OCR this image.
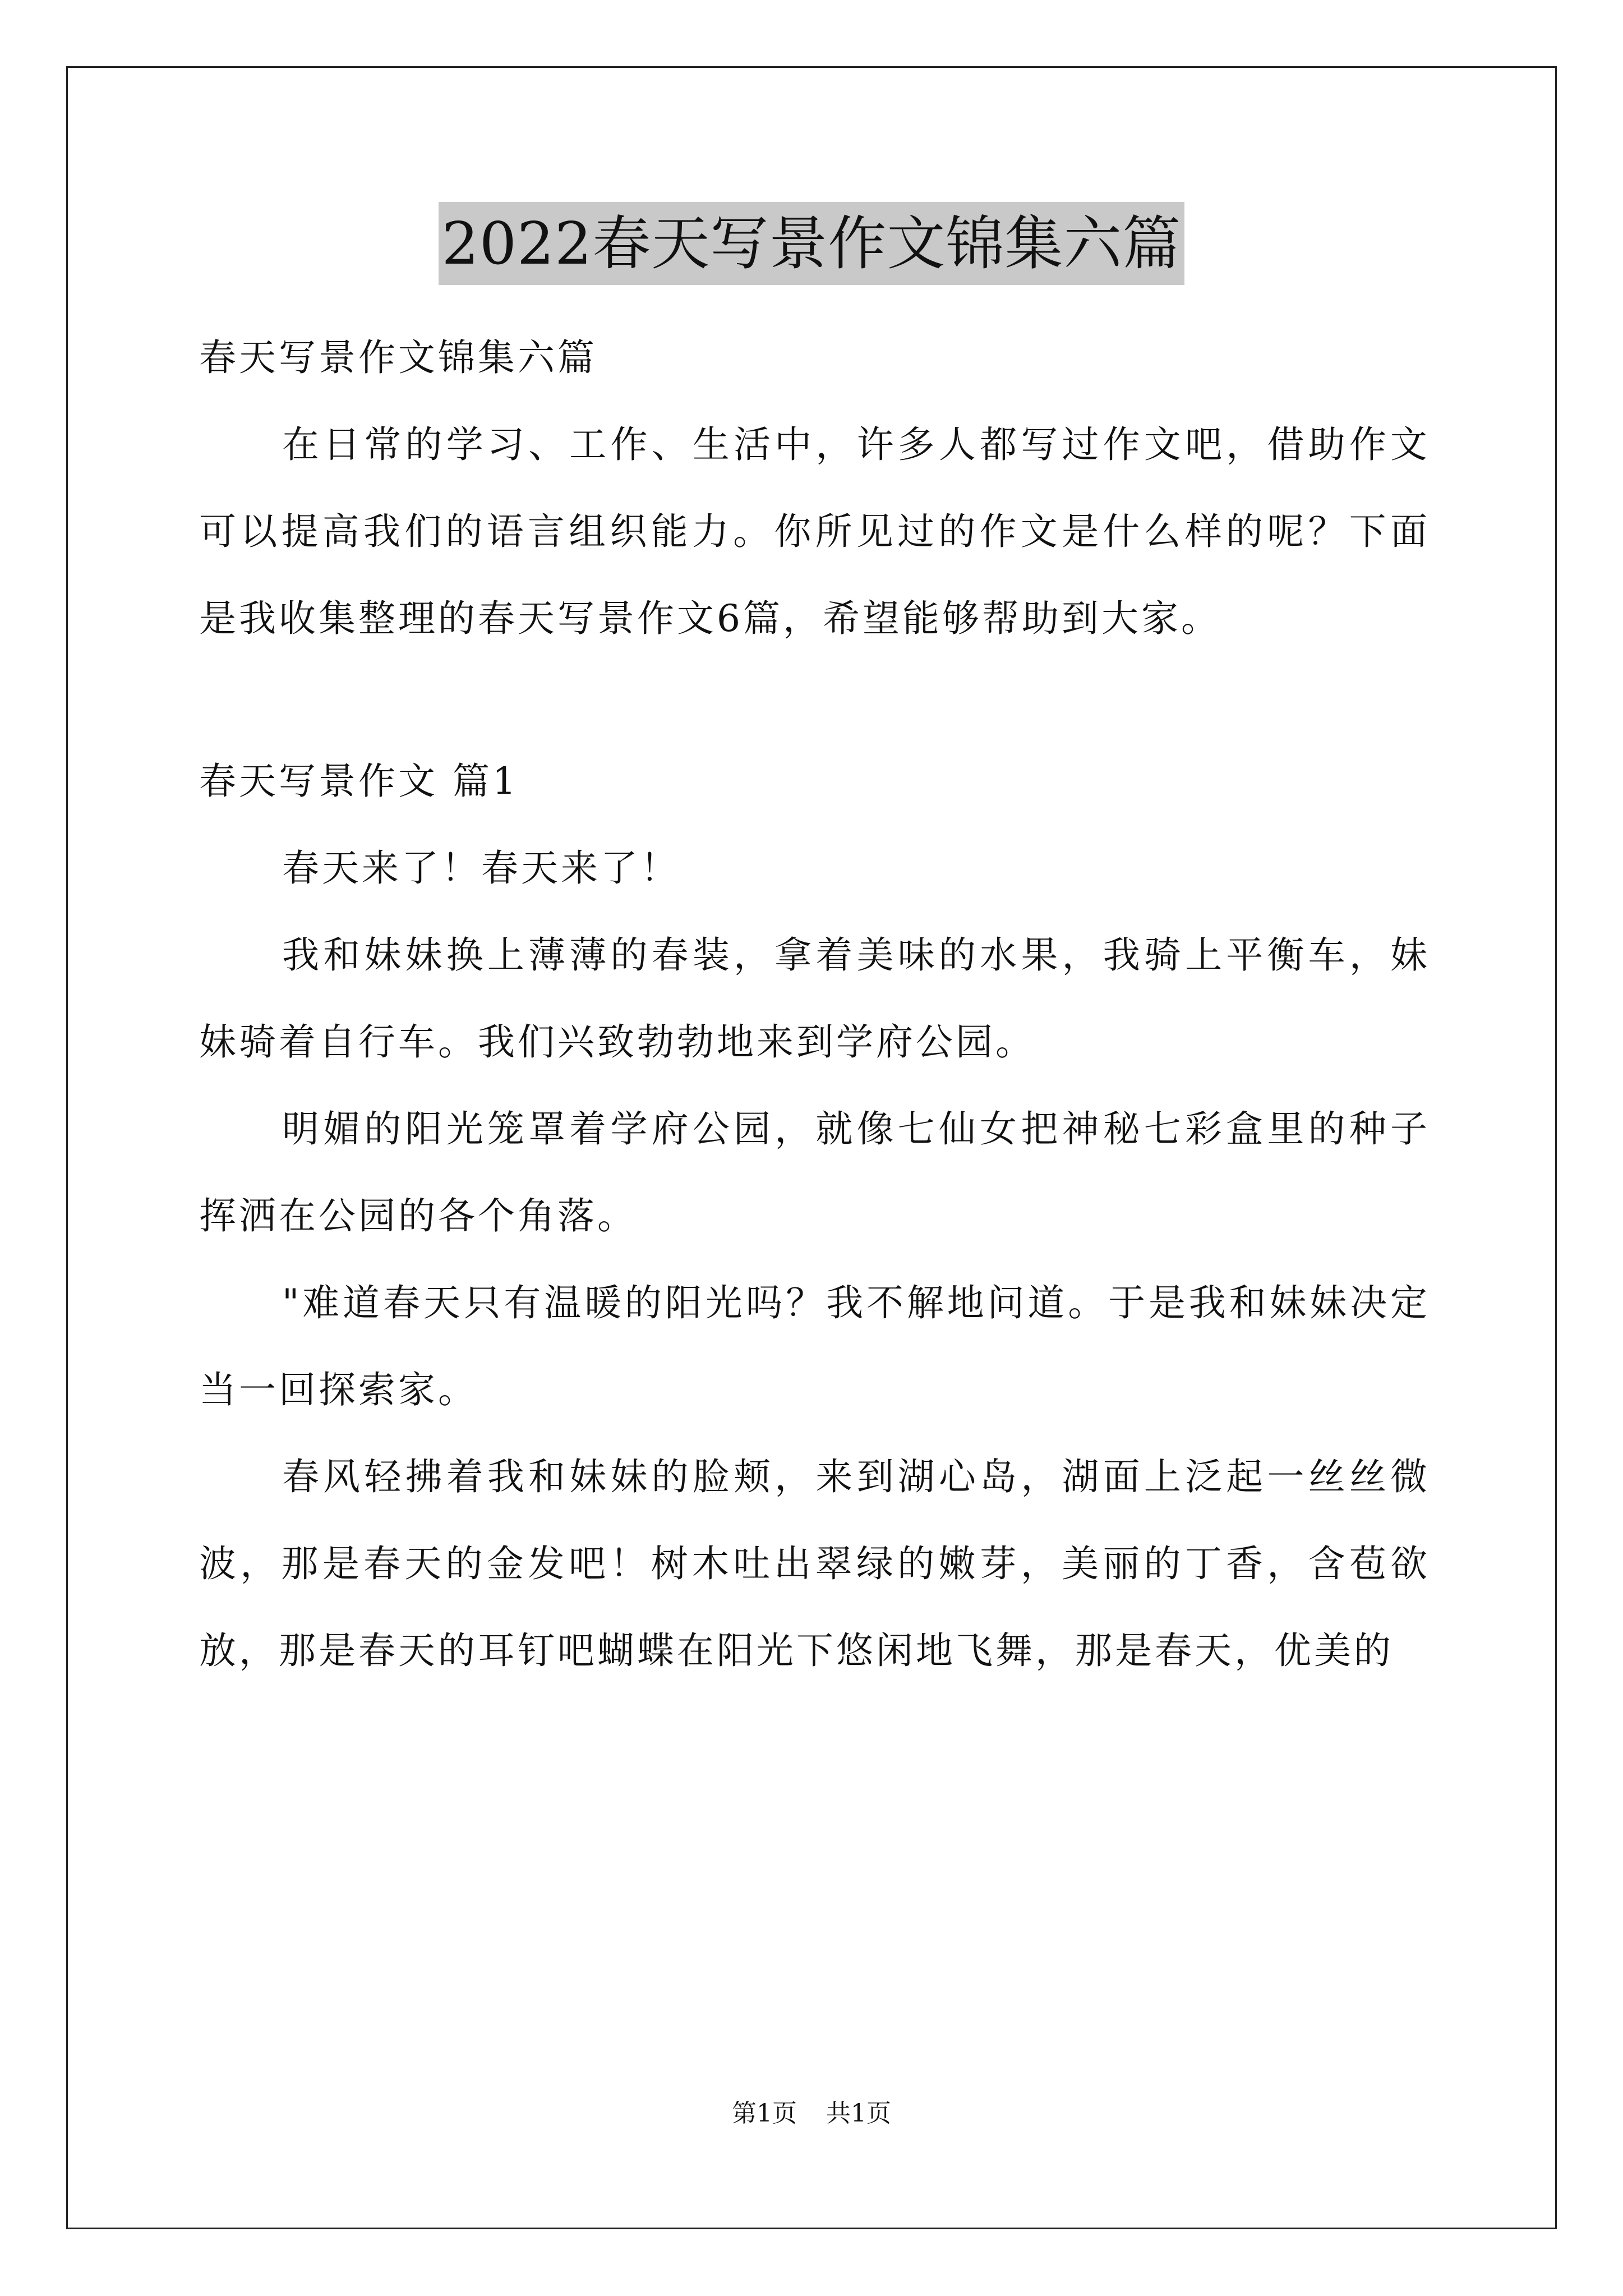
2022春天写景作文锦集六篇

春天写景作文锦集六篇

在日常的学习、工作、生活中，许多人都写过作文吧，借助作文可以提高我们的语言组织能力。你所见过的作文是什么样的呢？下面是我收集整理的春天写景作文6篇，希望能够帮助到大家。

春天写景作文 篇1

春天来了！春天来了！

我和妹妹换上薄薄的春装，拿着美味的水果，我骑上平衡车，妹妹骑着自行车。我们兴致勃勃地来到学府公园。

明媚的阳光笼罩着学府公园，就像七仙女把神秘七彩盒里的种子挥洒在公园的各个角落。

"难道春天只有温暖的阳光吗？我不解地问道。于是我和妹妹决定当一回探索家。

春风轻拂着我和妹妹的脸颊，来到湖心岛，湖面上泛起一丝丝微波，那是春天的金发吧！树木吐出翠绿的嫩芽，美丽的丁香，含苞欲放，那是春天的耳钉吧蝴蝶在阳光下悠闲地飞舞，那是春天，优美的

第1页 共1页
